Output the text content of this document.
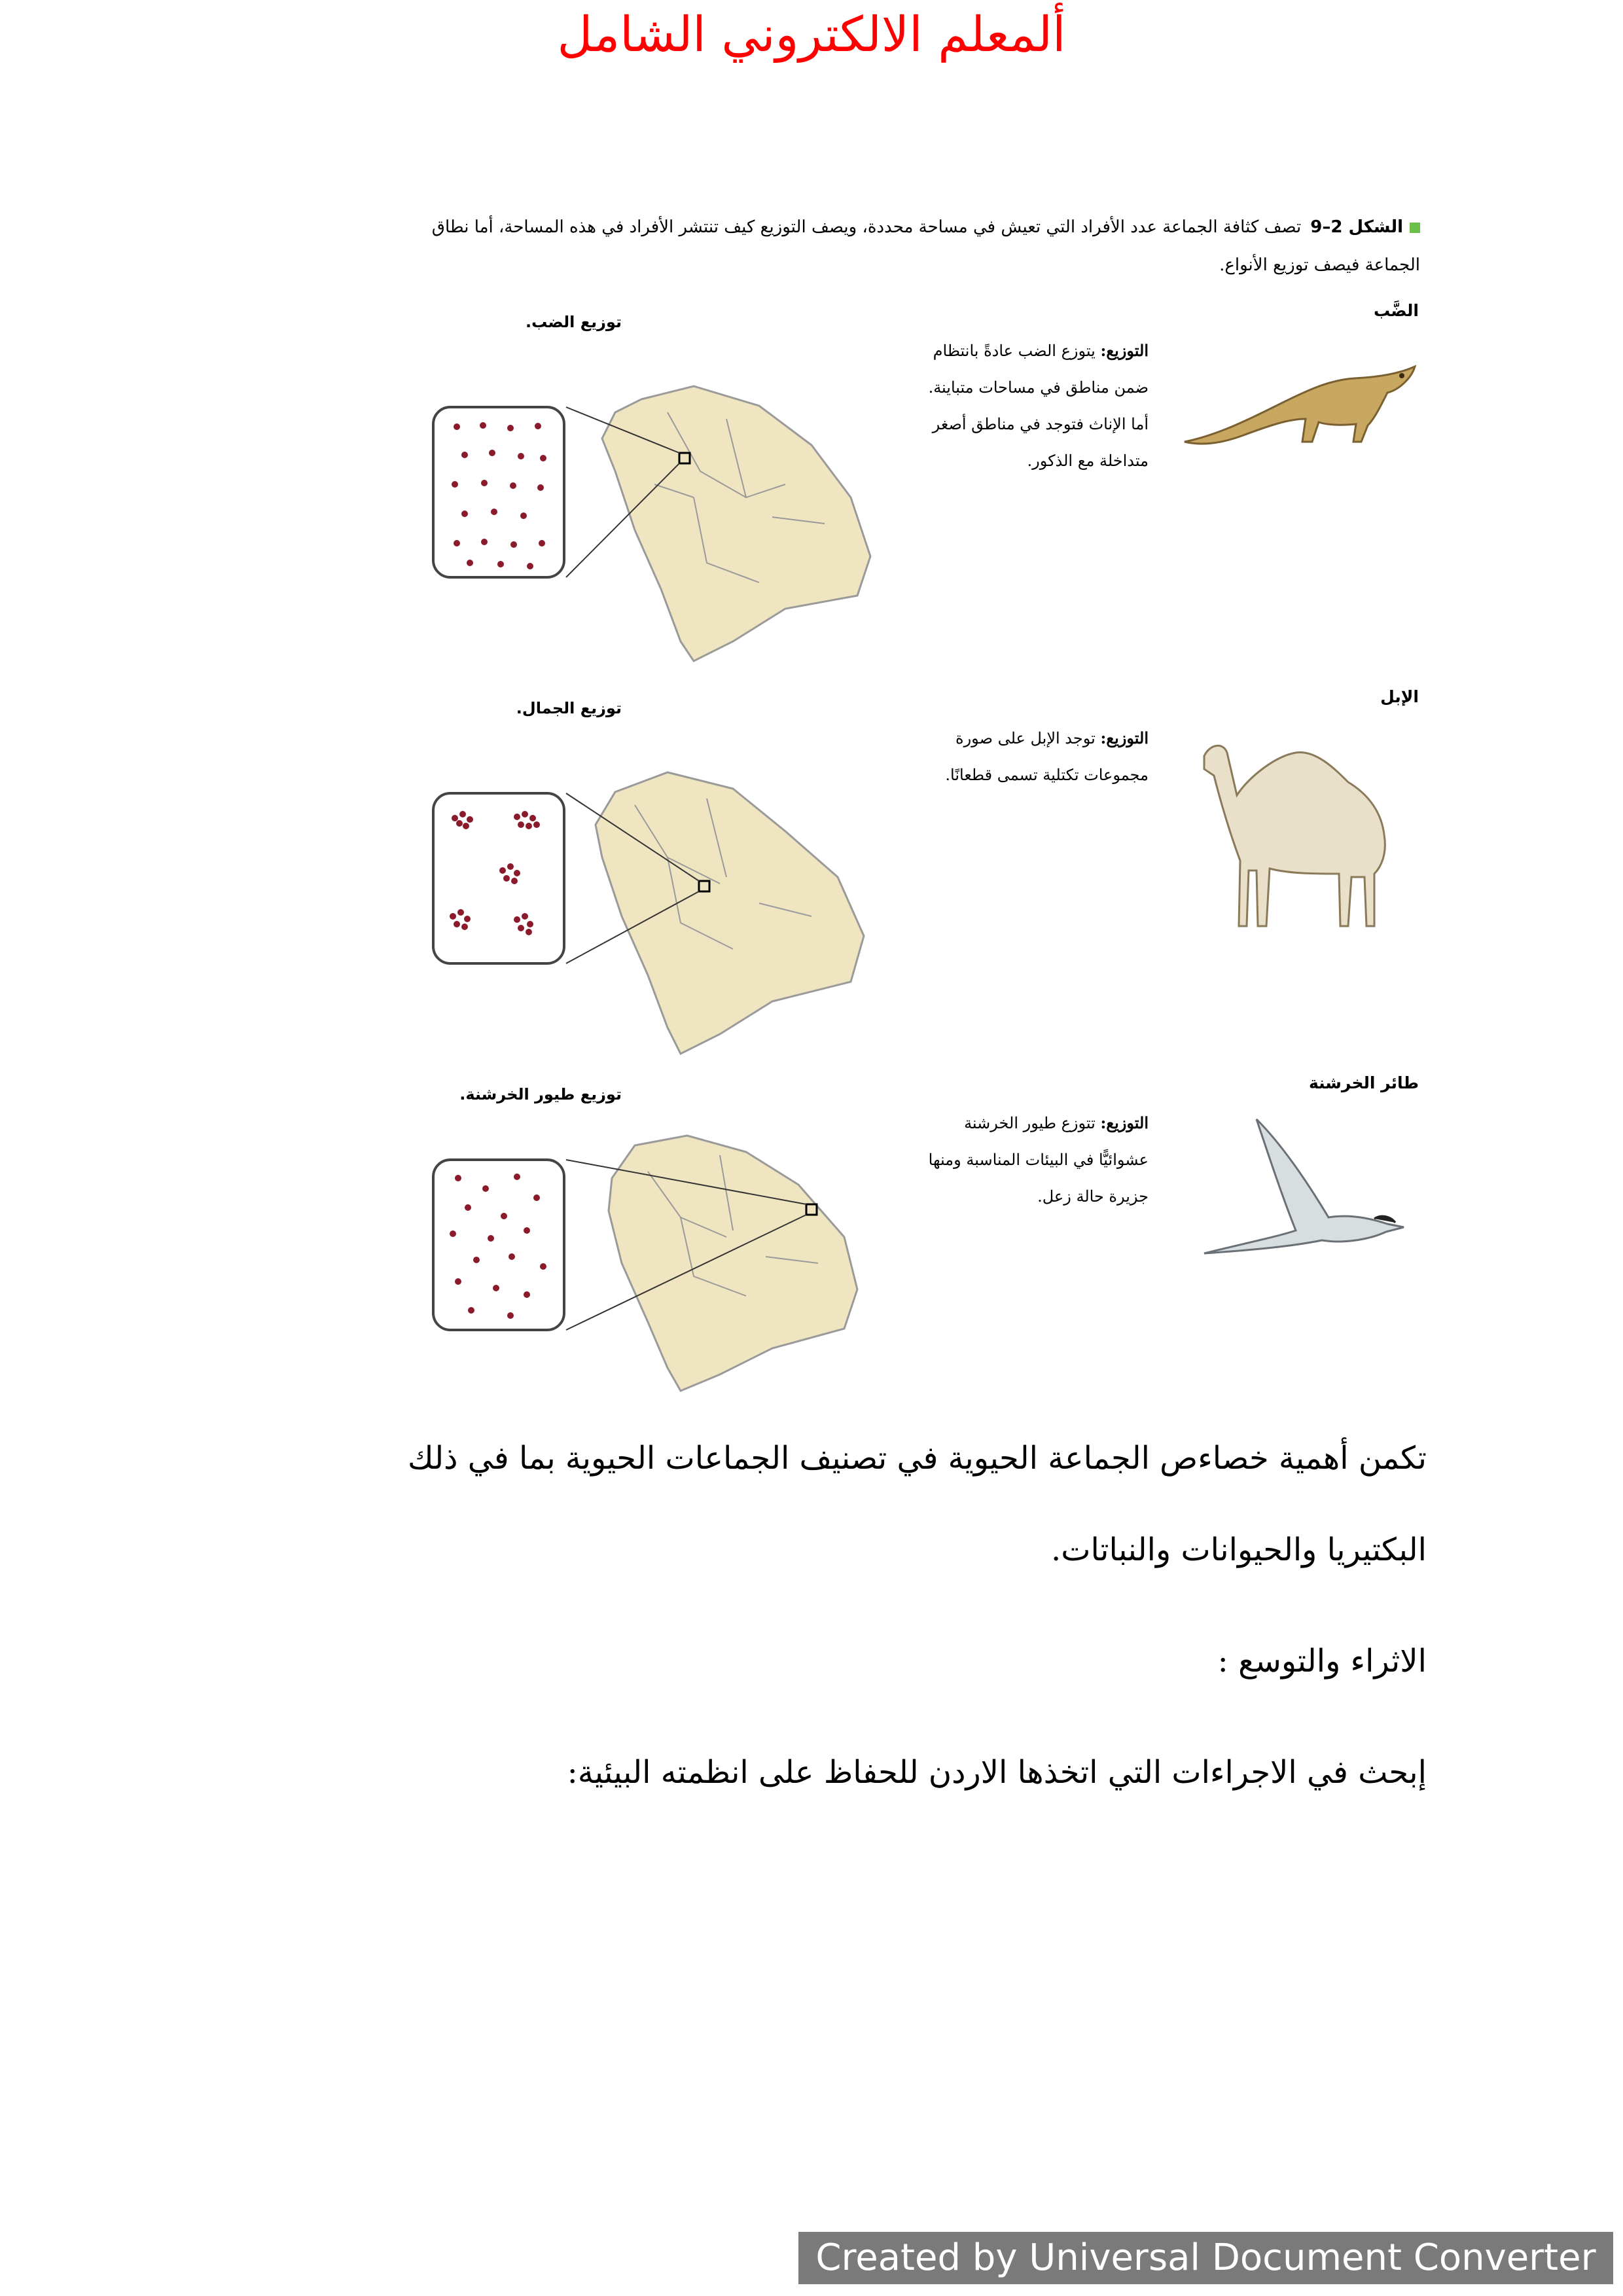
ألمعلم الالكتروني الشامل
الشكل 2–9تصف كثافة الجماعة عدد الأفراد التي تعيش في مساحة محددة، ويصف التوزيع كيف تنتشر الأفراد في هذه المساحة، أما نطاق الجماعة فيصف توزيع الأنواع.
الضَّب
التوزيع: يتوزع الضب عادةً بانتظام
ضمن مناطق في مساحات متباينة.
أما الإناث فتوجد في مناطق أصغر
متداخلة مع الذكور.
توزيع الضب.
الإبل
التوزيع: توجد الإبل على صورة
مجموعات تكتلية تسمى قطعانًا.
توزيع الجمال.
طائر الخرشنة
التوزيع: تتوزع طيور الخرشنة
عشوائيًّا في البيئات المناسبة ومنها
جزيرة حالة زعل.
توزيع طيور الخرشنة.
تكمن أهمية خصاءص الجماعة الحيوية في تصنيف الجماعات الحيوية بما في ذلك
البكتيريا والحيوانات والنباتات.
الاثراء والتوسع :
إبحث في الاجراءات التي اتخذها الاردن للحفاظ على انظمته البيئية:
Created by Universal Document Converter
